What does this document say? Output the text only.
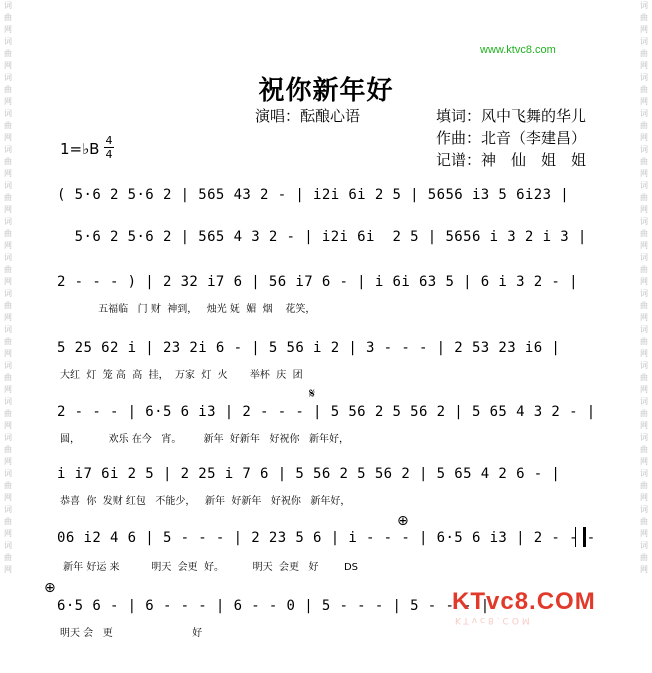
词曲网词曲网词曲网词曲网词曲网词曲网词曲网词曲网词曲网词曲网词曲网词曲网词曲网词曲网词曲网词曲网
词曲网词曲网词曲网词曲网词曲网词曲网词曲网词曲网词曲网词曲网词曲网词曲网词曲网词曲网词曲网词曲网
www.ktvc8.com
祝你新年好
演唱：酝酿心语	填词：风中飞舞的华儿
作曲：北音（李建昌）
记谱：神　仙　姐　姐
1=♭B 4
4
( 5·6 2 5·6 2 | 565 43 2 - | i2i 6i 2 5 | 5656 i3 5 6i23 |
5·6 2 5·6 2 | 565 4 3 2 - | i2i 6i  2 5 | 5656 i 3 2 i 3 |
2 - - - ) | 2 32 i7 6 | 56 i7 6 - | i 6i 63 5 | 6 i 3 2 - |
五福临   门 财  神到，   烛光 妩  媚  烟    花笑，
5 25 62 i | 23 2i 6 - | 5 56 i 2 | 3 - - - | 2 53 23 i6 |
大红  灯  笼 高  高  挂，  万家  灯  火       举杯  庆  团
𝄋
2 - - - | 6·5 6 i3 | 2 - - - | 5 56 2 5 56 2 | 5 65 4 3 2 - |
圆，         欢乐 在今   宵。       新年  好新年   好祝你   新年好，
i i7 6i 2 5 | 2 25 i 7 6 | 5 56 2 5 56 2 | 5 65 4 2 6 - |
恭喜  你  发财 红包   不能少，   新年  好新年   好祝你   新年好，
⊕
06 i2 4 6 | 5 - - - | 2 23 5 6 | i - - - | 6·5 6 i3 | 2 - - -
新年 好运 来          明天  会更  好。         明天  会更   好        DS
⊕
6·5 6 - | 6 - - - | 6 - - 0 | 5 - - - | 5 - - - |
明天 会   更                         好
KTvc8.COM
KTvc8.COM
